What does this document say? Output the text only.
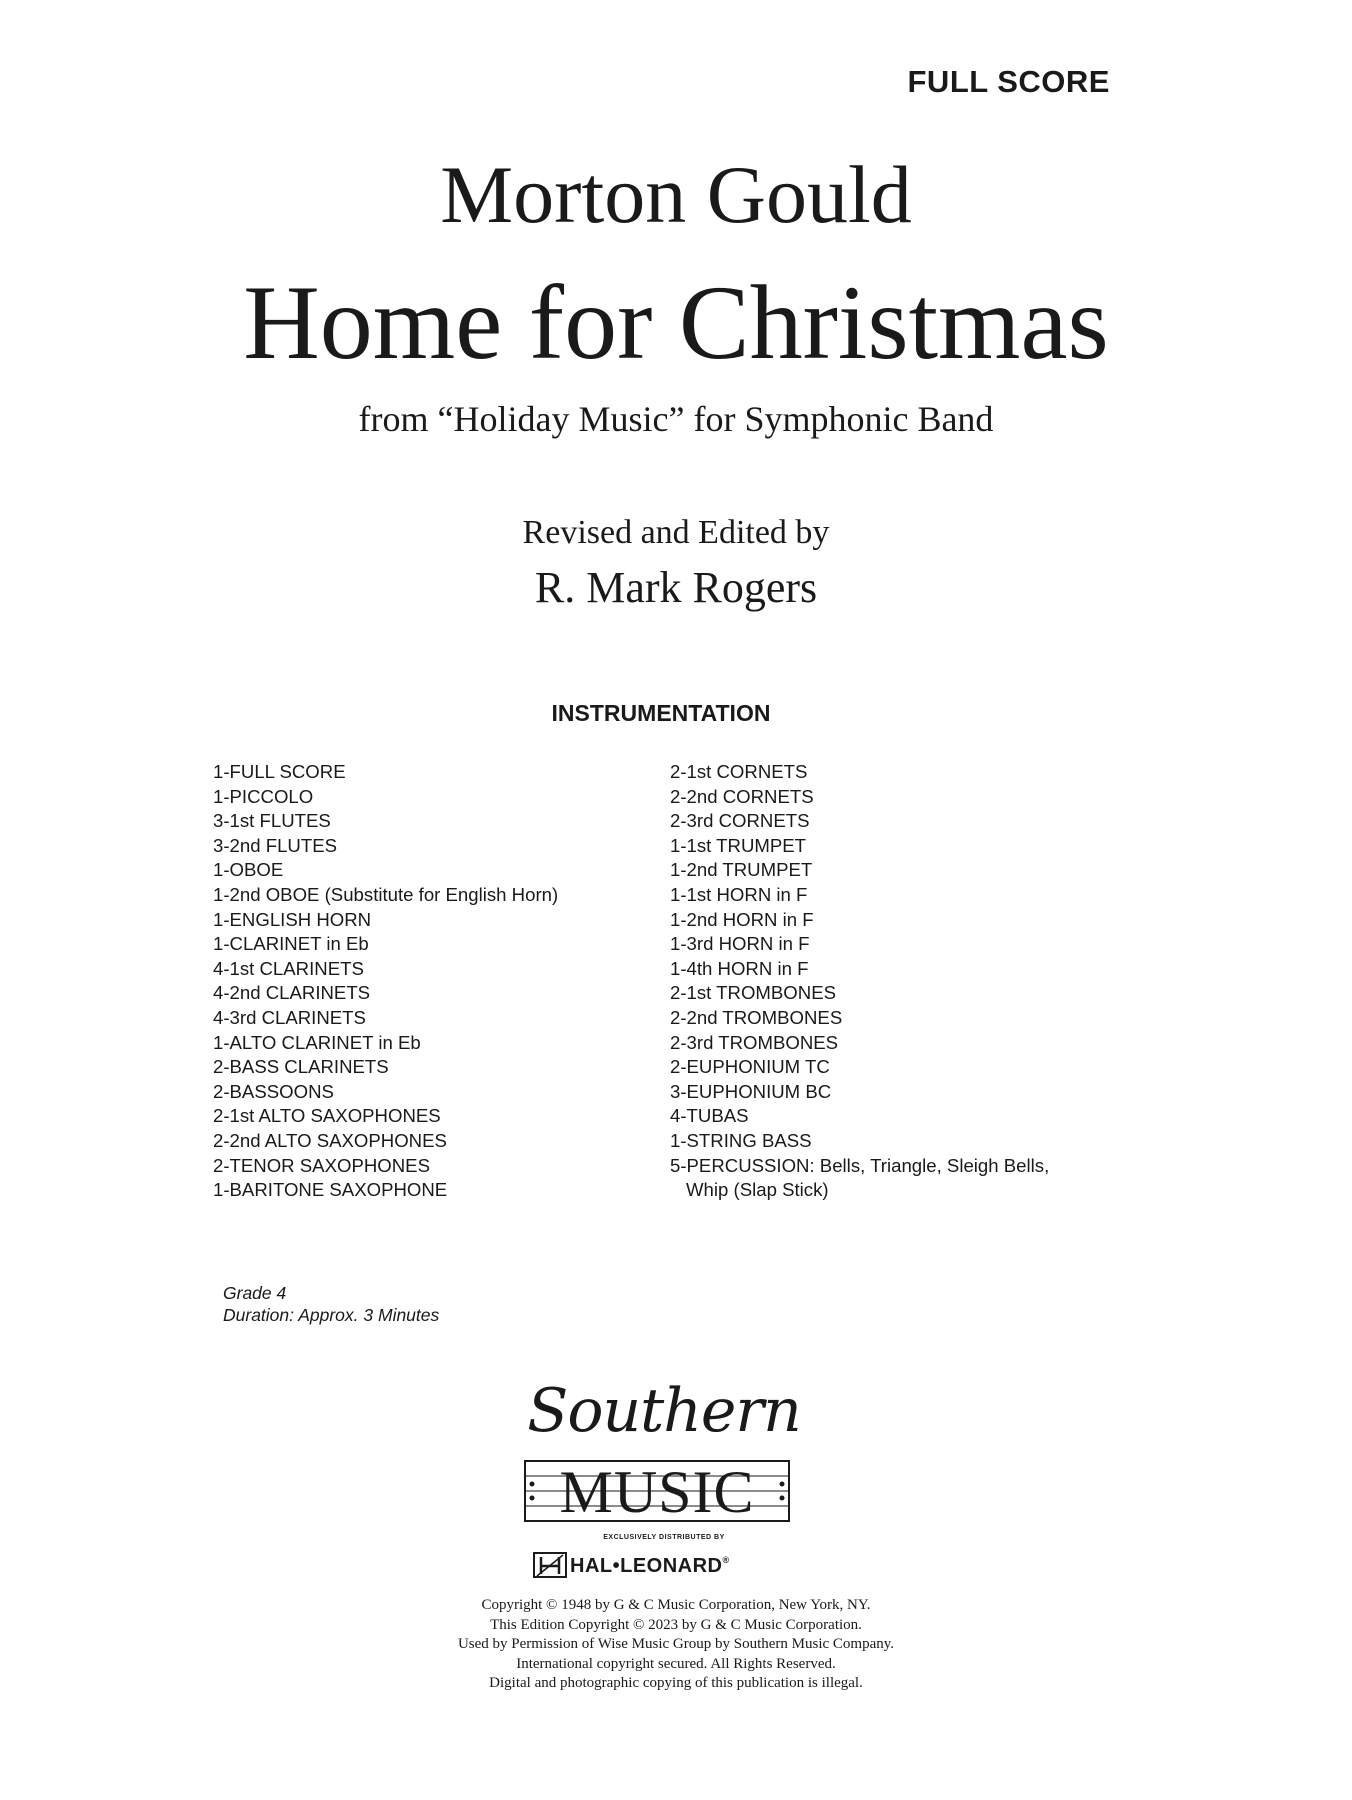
FULL SCORE
Morton Gould
Home for Christmas
from “Holiday Music” for Symphonic Band
Revised and Edited by
R. Mark Rogers
INSTRUMENTATION
1-FULL SCORE
1-PICCOLO
3-1st FLUTES
3-2nd FLUTES
1-OBOE
1-2nd OBOE (Substitute for English Horn)
1-ENGLISH HORN
1-CLARINET in Eb
4-1st CLARINETS
4-2nd CLARINETS
4-3rd CLARINETS
1-ALTO CLARINET in Eb
2-BASS CLARINETS
2-BASSOONS
2-1st ALTO SAXOPHONES
2-2nd ALTO SAXOPHONES
2-TENOR SAXOPHONES
1-BARITONE SAXOPHONE
2-1st CORNETS
2-2nd CORNETS
2-3rd CORNETS
1-1st TRUMPET
1-2nd TRUMPET
1-1st HORN in F
1-2nd HORN in F
1-3rd HORN in F
1-4th HORN in F
2-1st TROMBONES
2-2nd TROMBONES
2-3rd TROMBONES
2-EUPHONIUM TC
3-EUPHONIUM BC
4-TUBAS
1-STRING BASS
5-PERCUSSION: Bells, Triangle, Sleigh Bells,
Whip (Slap Stick)
Grade 4
Duration: Approx. 3 Minutes
Southern
MUSIC
EXCLUSIVELY DISTRIBUTED BY
HAL•LEONARD®
Copyright © 1948 by G & C Music Corporation, New York, NY.
This Edition Copyright © 2023 by G & C Music Corporation.
Used by Permission of Wise Music Group by Southern Music Company.
International copyright secured. All Rights Reserved.
Digital and photographic copying of this publication is illegal.
